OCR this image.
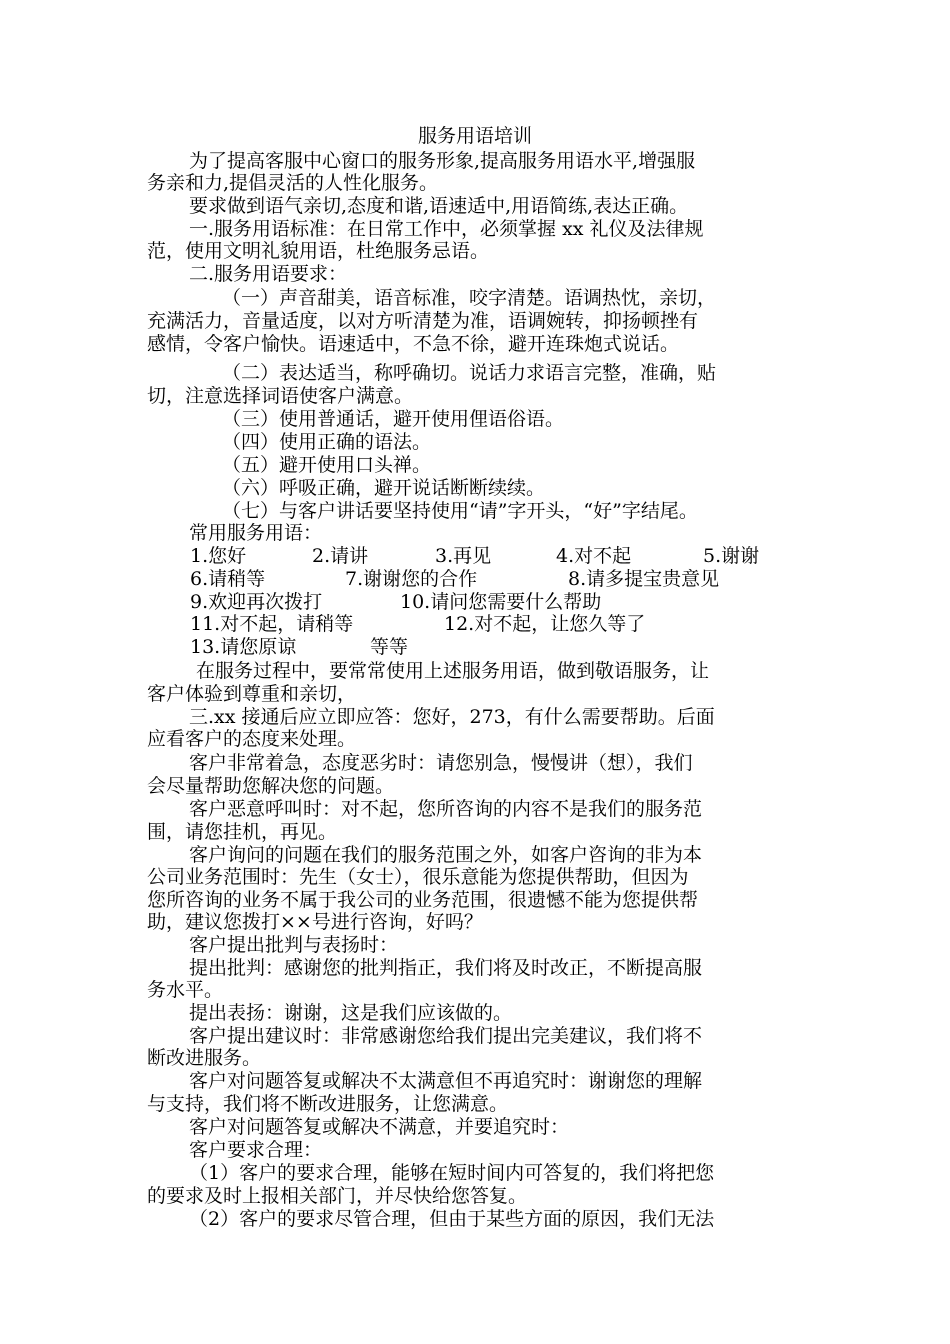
服务用语培训
为了提高客服中心窗口的服务形象,提高服务用语水平,增强服
务亲和力,提倡灵活的人性化服务。
要求做到语气亲切,态度和谐,语速适中,用语简练,表达正确。
一.服务用语标准：在日常工作中，必须掌握 xx 礼仪及法律规
范，使用文明礼貌用语，杜绝服务忌语。
二.服务用语要求：
（一）声音甜美，语音标准，咬字清楚。语调热忱，亲切，
充满活力，音量适度，以对方听清楚为准，语调婉转，抑扬顿挫有
感情，令客户愉快。语速适中，不急不徐，避开连珠炮式说话。
（二）表达适当，称呼确切。说话力求语言完整，准确，贴
切，注意选择词语使客户满意。
（三）使用普通话，避开使用俚语俗语。
（四）使用正确的语法。
（五）避开使用口头禅。
（六）呼吸正确，避开说话断断续续。
（七）与客户讲话要坚持使用“请”字开头，“好”字结尾。
常用服务用语：
1.您好	2.请讲	3.再见	4.对不起	5.谢谢
6.请稍等	7.谢谢您的合作	8.请多提宝贵意见
9.欢迎再次拨打	10.请问您需要什么帮助
11.对不起，请稍等	12.对不起，让您久等了
13.请您原谅	等等
在服务过程中，要常常使用上述服务用语，做到敬语服务，让
客户体验到尊重和亲切，
三.xx 接通后应立即应答：您好，273，有什么需要帮助。后面
应看客户的态度来处理。
客户非常着急，态度恶劣时：请您别急，慢慢讲（想），我们
会尽量帮助您解决您的问题。
客户恶意呼叫时：对不起，您所咨询的内容不是我们的服务范
围，请您挂机，再见。
客户询问的问题在我们的服务范围之外，如客户咨询的非为本
公司业务范围时：先生（女士），很乐意能为您提供帮助，但因为
您所咨询的业务不属于我公司的业务范围，很遗憾不能为您提供帮
助，建议您拨打××号进行咨询，好吗？
客户提出批判与表扬时：
提出批判：感谢您的批判指正，我们将及时改正，不断提高服
务水平。
提出表扬：谢谢，这是我们应该做的。
客户提出建议时：非常感谢您给我们提出完美建议，我们将不
断改进服务。
客户对问题答复或解决不太满意但不再追究时：谢谢您的理解
与支持，我们将不断改进服务，让您满意。
客户对问题答复或解决不满意，并要追究时：
客户要求合理：
（1）客户的要求合理，能够在短时间内可答复的，我们将把您
的要求及时上报相关部门，并尽快给您答复。
（2）客户的要求尽管合理，但由于某些方面的原因，我们无法
